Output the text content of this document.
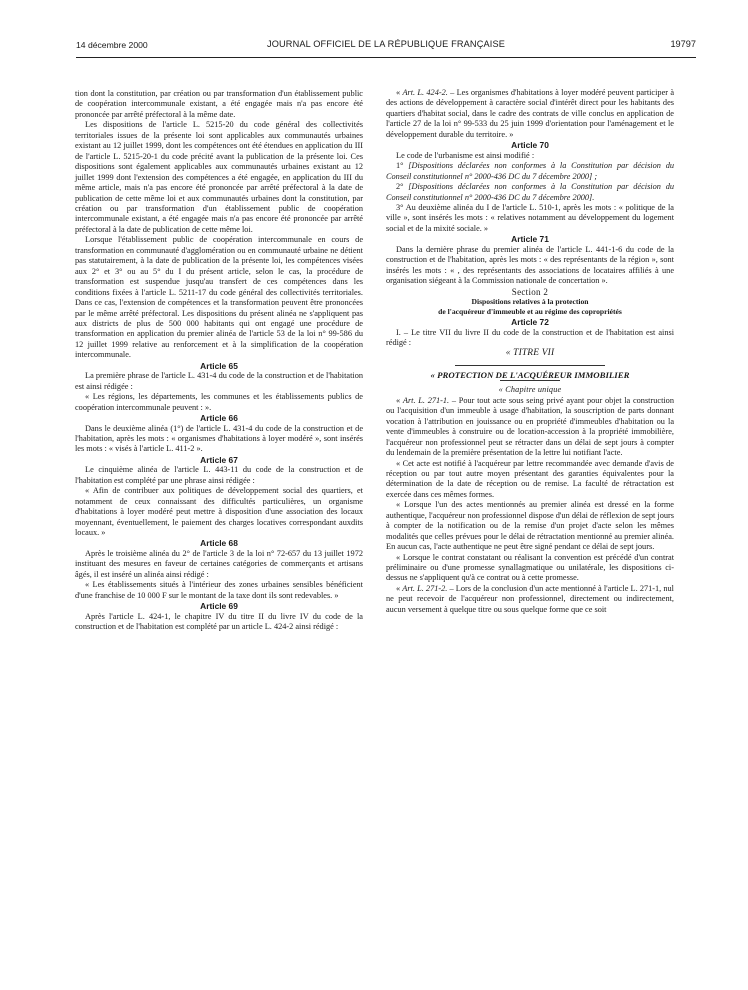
14 décembre 2000	JOURNAL OFFICIEL DE LA RÉPUBLIQUE FRANÇAISE	19797

tion dont la constitution, par création ou par transformation d'un établissement public de coopération intercommunale existant, a été engagée mais n'a pas encore été prononcée par arrêté préfectoral à la même date.

Les dispositions de l'article L. 5215-20 du code général des collectivités territoriales issues de la présente loi sont applicables aux communautés urbaines existant au 12 juillet 1999, dont les compétences ont été étendues en application du III de l'article L. 5215-20-1 du code précité avant la publication de la présente loi. Ces dispositions sont également applicables aux communautés urbaines existant au 12 juillet 1999 dont l'extension des compétences a été engagée, en application du III du même article, mais n'a pas encore été prononcée par arrêté préfectoral à la date de publication de cette même loi et aux communautés urbaines dont la constitution, par création ou par transformation d'un établissement public de coopération intercommunale existant, a été engagée mais n'a pas encore été prononcée par arrêté préfectoral à la date de publication de cette même loi.

Lorsque l'établissement public de coopération intercommunale en cours de transformation en communauté d'agglomération ou en communauté urbaine ne détient pas statutairement, à la date de publication de la présente loi, les compétences visées aux 2° et 3° ou au 5° du I du présent article, selon le cas, la procédure de transformation est suspendue jusqu'au transfert de ces compétences dans les conditions fixées à l'article L. 5211-17 du code général des collectivités territoriales. Dans ce cas, l'extension de compétences et la transformation peuvent être prononcées par le même arrêté préfectoral. Les dispositions du présent alinéa ne s'appliquent pas aux districts de plus de 500 000 habitants qui ont engagé une procédure de transformation en application du premier alinéa de l'article 53 de la loi n° 99-586 du 12 juillet 1999 relative au renforcement et à la simplification de la coopération intercommunale.

Article 65

La première phrase de l'article L. 431-4 du code de la construction et de l'habitation est ainsi rédigée :

« Les régions, les départements, les communes et les établissements publics de coopération intercommunale peuvent : ».

Article 66

Dans le deuxième alinéa (1°) de l'article L. 431-4 du code de la construction et de l'habitation, après les mots : « organismes d'habitations à loyer modéré », sont insérés les mots : « visés à l'article L. 411-2 ».

Article 67

Le cinquième alinéa de l'article L. 443-11 du code de la construction et de l'habitation est complété par une phrase ainsi rédigée :

« Afin de contribuer aux politiques de développement social des quartiers, et notamment de ceux connaissant des difficultés particulières, un organisme d'habitations à loyer modéré peut mettre à disposition d'une association des locaux moyennant, éventuellement, le paiement des charges locatives correspondant auxdits locaux. »

Article 68

Après le troisième alinéa du 2° de l'article 3 de la loi n° 72-657 du 13 juillet 1972 instituant des mesures en faveur de certaines catégories de commerçants et artisans âgés, il est inséré un alinéa ainsi rédigé :

« Les établissements situés à l'intérieur des zones urbaines sensibles bénéficient d'une franchise de 10 000 F sur le montant de la taxe dont ils sont redevables. »

Article 69

Après l'article L. 424-1, le chapitre IV du titre II du livre IV du code de la construction et de l'habitation est complété par un article L. 424-2 ainsi rédigé :

« Art. L. 424-2. – Les organismes d'habitations à loyer modéré peuvent participer à des actions de développement à caractère social d'intérêt direct pour les habitants des quartiers d'habitat social, dans le cadre des contrats de ville conclus en application de l'article 27 de la loi n° 99-533 du 25 juin 1999 d'orientation pour l'aménagement et le développement durable du territoire. »

Article 70

Le code de l'urbanisme est ainsi modifié :

1° [Dispositions déclarées non conformes à la Constitution par décision du Conseil constitutionnel n° 2000-436 DC du 7 décembre 2000] ;

2° [Dispositions déclarées non conformes à la Constitution par décision du Conseil constitutionnel n° 2000-436 DC du 7 décembre 2000].

3° Au deuxième alinéa du I de l'article L. 510-1, après les mots : « politique de la ville », sont insérés les mots : « relatives notamment au développement du logement social et de la mixité sociale. »

Article 71

Dans la dernière phrase du premier alinéa de l'article L. 441-1-6 du code de la construction et de l'habitation, après les mots : « des représentants de la région », sont insérés les mots : « , des représentants des associations de locataires affiliés à une organisation siégeant à la Commission nationale de concertation ».

Section 2

Dispositions relatives à la protection

de l'acquéreur d'immeuble et au régime des copropriétés

Article 72

I. – Le titre VII du livre II du code de la construction et de l'habitation est ainsi rédigé :

« TITRE VII

« PROTECTION DE L'ACQUÉREUR IMMOBILIER

« Chapitre unique

« Art. L. 271-1. – Pour tout acte sous seing privé ayant pour objet la construction ou l'acquisition d'un immeuble à usage d'habitation, la souscription de parts donnant vocation à l'attribution en jouissance ou en propriété d'immeubles d'habitation ou la vente d'immeubles à construire ou de location-accession à la propriété immobilière, l'acquéreur non professionnel peut se rétracter dans un délai de sept jours à compter du lendemain de la première présentation de la lettre lui notifiant l'acte.

« Cet acte est notifié à l'acquéreur par lettre recommandée avec demande d'avis de réception ou par tout autre moyen présentant des garanties équivalentes pour la détermination de la date de réception ou de remise. La faculté de rétractation est exercée dans ces mêmes formes.

« Lorsque l'un des actes mentionnés au premier alinéa est dressé en la forme authentique, l'acquéreur non professionnel dispose d'un délai de réflexion de sept jours à compter de la notification ou de la remise d'un projet d'acte selon les mêmes modalités que celles prévues pour le délai de rétractation mentionné au premier alinéa. En aucun cas, l'acte authentique ne peut être signé pendant ce délai de sept jours.

« Lorsque le contrat constatant ou réalisant la convention est précédé d'un contrat préliminaire ou d'une promesse synallagmatique ou unilatérale, les dispositions ci-dessus ne s'appliquent qu'à ce contrat ou à cette promesse.

« Art. L. 271-2. – Lors de la conclusion d'un acte mentionné à l'article L. 271-1, nul ne peut recevoir de l'acquéreur non professionnel, directement ou indirectement, aucun versement à quelque titre ou sous quelque forme que ce soit
